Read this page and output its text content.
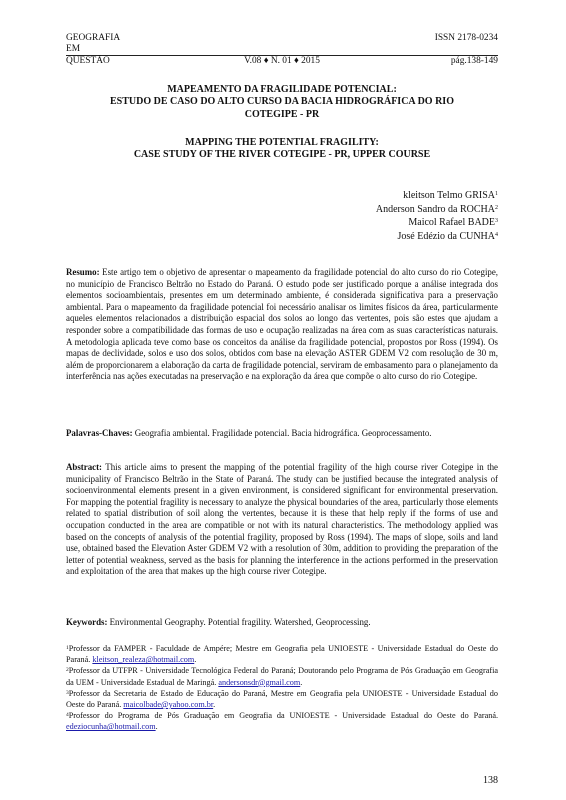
GEOGRAFIA	ISSN 2178-0234
EM
QUESTÃO	V.08 ♦ N. 01 ♦ 2015	pág.138-149
MAPEAMENTO DA FRAGILIDADE POTENCIAL:
ESTUDO DE CASO DO ALTO CURSO DA BACIA HIDROGRÁFICA DO RIO
COTEGIPE - PR
MAPPING THE POTENTIAL FRAGILITY:
CASE STUDY OF THE RIVER COTEGIPE - PR, UPPER COURSE
kleitson Telmo GRISA$^1$
Anderson Sandro da ROCHA$^2$
Maicol Rafael BADE$^3$
José Edézio da CUNHA$^4$
Resumo: Este artigo tem o objetivo de apresentar o mapeamento da fragilidade potencial do alto curso do rio Cotegipe, no município de Francisco Beltrão no Estado do Paraná. O estudo pode ser justificado porque a análise integrada dos elementos socioambientais, presentes em um determinado ambiente, é considerada significativa para a preservação ambiental. Para o mapeamento da fragilidade potencial foi necessário analisar os limites físicos da área, particularmente aqueles elementos relacionados a distribuição espacial dos solos ao longo das vertentes, pois são estes que ajudam a responder sobre a compatibilidade das formas de uso e ocupação realizadas na área com as suas características naturais. A metodologia aplicada teve como base os conceitos da análise da fragilidade potencial, propostos por Ross (1994). Os mapas de declividade, solos e uso dos solos, obtidos com base na elevação ASTER GDEM V2 com resolução de 30 m, além de proporcionarem a elaboração da carta de fragilidade potencial, serviram de embasamento para o planejamento da interferência nas ações executadas na preservação e na exploração da área que compõe o alto curso do rio Cotegipe.
Palavras-Chaves: Geografia ambiental. Fragilidade potencial. Bacia hidrográfica. Geoprocessamento.
Abstract: This article aims to present the mapping of the potential fragility of the high course river Cotegipe in the municipality of Francisco Beltrão in the State of Paraná. The study can be justified because the integrated analysis of socioenvironmental elements present in a given environment, is considered significant for environmental preservation. For mapping the potential fragility is necessary to analyze the physical boundaries of the area, particularly those elements related to spatial distribution of soil along the vertentes, because it is these that help reply if the forms of use and occupation conducted in the area are compatible or not with its natural characteristics. The methodology applied was based on the concepts of analysis of the potential fragility, proposed by Ross (1994). The maps of slope, soils and land use, obtained based the Elevation Aster GDEM V2 with a resolution of 30m, addition to providing the preparation of the letter of potential weakness, served as the basis for planning the interference in the actions performed in the preservation and exploitation of the area that makes up the high course river Cotegipe.
Keywords: Environmental Geography. Potential fragility. Watershed, Geoprocessing.
$^1$Professor da FAMPER - Faculdade de Ampére; Mestre em Geografia pela UNIOESTE - Universidade Estadual do Oeste do Paraná. kleitson_realeza@hotmail.com.
$^2$Professor da UTFPR - Universidade Tecnológica Federal do Paraná; Doutorando pelo Programa de Pós Graduação em Geografia da UEM - Universidade Estadual de Maringá. andersonsdr@gmail.com.
$^3$Professor da Secretaria de Estado de Educação do Paraná, Mestre em Geografia pela UNIOESTE - Universidade Estadual do Oeste do Paraná. maicolbade@yahoo.com.br.
$^4$Professor do Programa de Pós Graduação em Geografia da UNIOESTE - Universidade Estadual do Oeste do Paraná. edeziocunha@hotmail.com.
138
